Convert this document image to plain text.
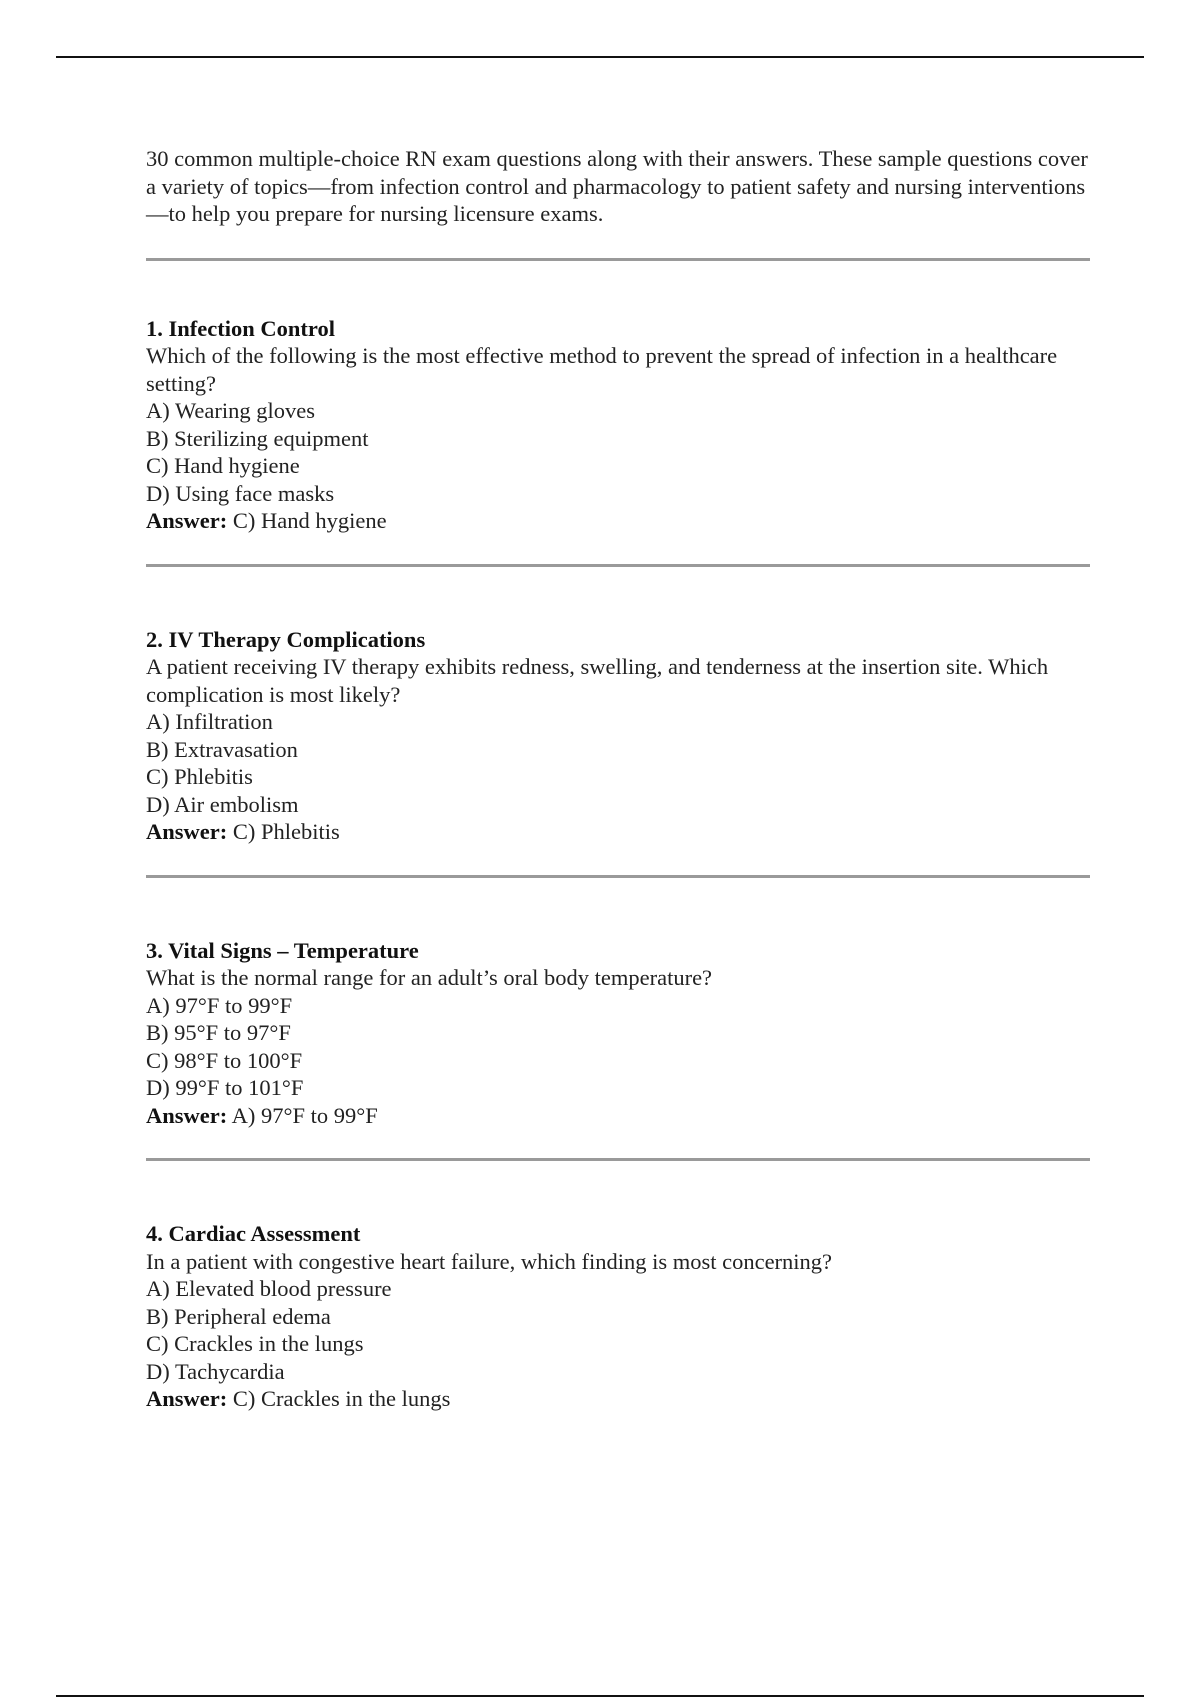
30 common multiple‑choice RN exam questions along with their answers. These sample questions cover a variety of topics—from infection control and pharmacology to patient safety and nursing interventions—to help you prepare for nursing licensure exams.

1. Infection Control
Which of the following is the most effective method to prevent the spread of infection in a healthcare setting?
A) Wearing gloves
B) Sterilizing equipment
C) Hand hygiene
D) Using face masks
Answer: C) Hand hygiene
2. IV Therapy Complications
A patient receiving IV therapy exhibits redness, swelling, and tenderness at the insertion site. Which complication is most likely?
A) Infiltration
B) Extravasation
C) Phlebitis
D) Air embolism
Answer: C) Phlebitis
3. Vital Signs – Temperature
What is the normal range for an adult’s oral body temperature?
A) 97°F to 99°F
B) 95°F to 97°F
C) 98°F to 100°F
D) 99°F to 101°F
Answer: A) 97°F to 99°F
4. Cardiac Assessment
In a patient with congestive heart failure, which finding is most concerning?
A) Elevated blood pressure
B) Peripheral edema
C) Crackles in the lungs
D) Tachycardia
Answer: C) Crackles in the lungs
